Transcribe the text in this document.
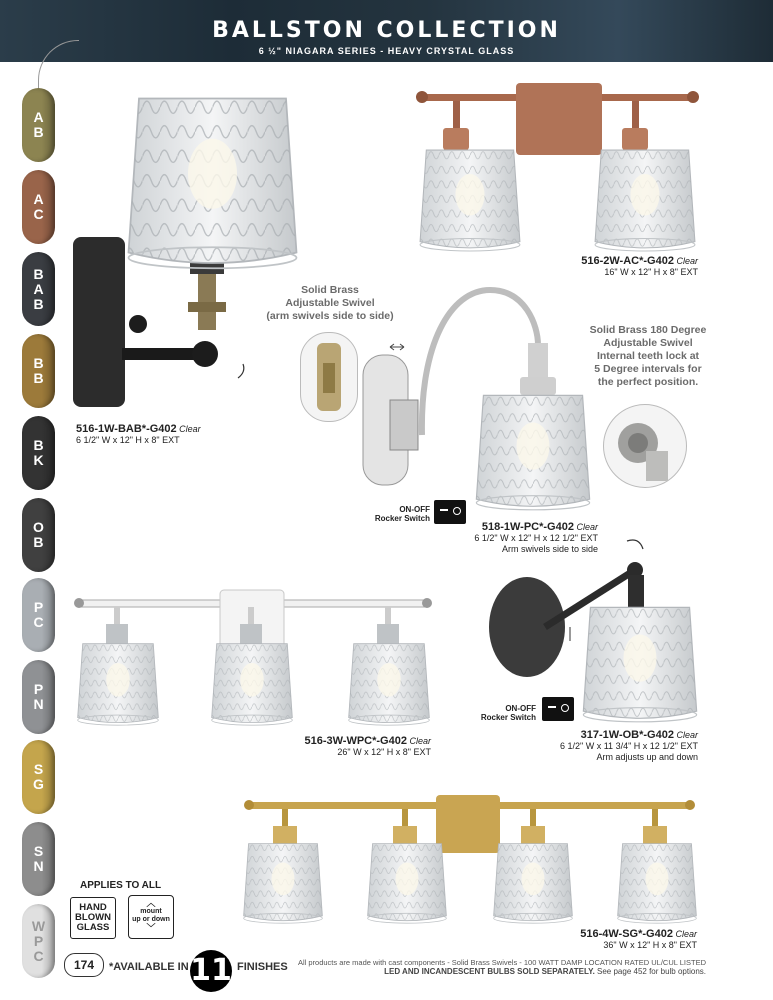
BALLSTON COLLECTION
6 ½" NIAGARA SERIES - HEAVY CRYSTAL GLASS
A
B
A
C
B
A
B
B
B
B
K
O
B
P
C
P
N
S
G
S
N
W
P
C
516-2W-AC*-G402 Clear
16" W x 12" H x 8" EXT
516-1W-BAB*-G402 Clear
6 1/2" W x 12" H x 8" EXT
Solid Brass
Adjustable Swivel
(arm swivels side to side)
Solid Brass 180 Degree
Adjustable Swivel
Internal teeth lock at
5 Degree intervals for
the perfect position.
ON-OFF
Rocker Switch
518-1W-PC*-G402 Clear
6 1/2" W x 12" H x 12 1/2" EXT
Arm swivels side to side
516-3W-WPC*-G402 Clear
26" W x 12" H x 8" EXT
ON-OFF
Rocker Switch
317-1W-OB*-G402 Clear
6 1/2" W x 11 3/4" H x 12 1/2" EXT
Arm adjusts up and down
516-4W-SG*-G402 Clear
36" W x 12" H x 8" EXT
APPLIES TO ALL
HAND
BLOWN
GLASS
︿
mount
up or down
﹀
174	*AVAILABLE IN 11 FINISHES	All products are made with cast components - Solid Brass Swivels - 100 WATT DAMP LOCATION RATED UL/CUL LISTED
LED AND INCANDESCENT BULBS SOLD SEPARATELY. See page 452 for bulb options.
